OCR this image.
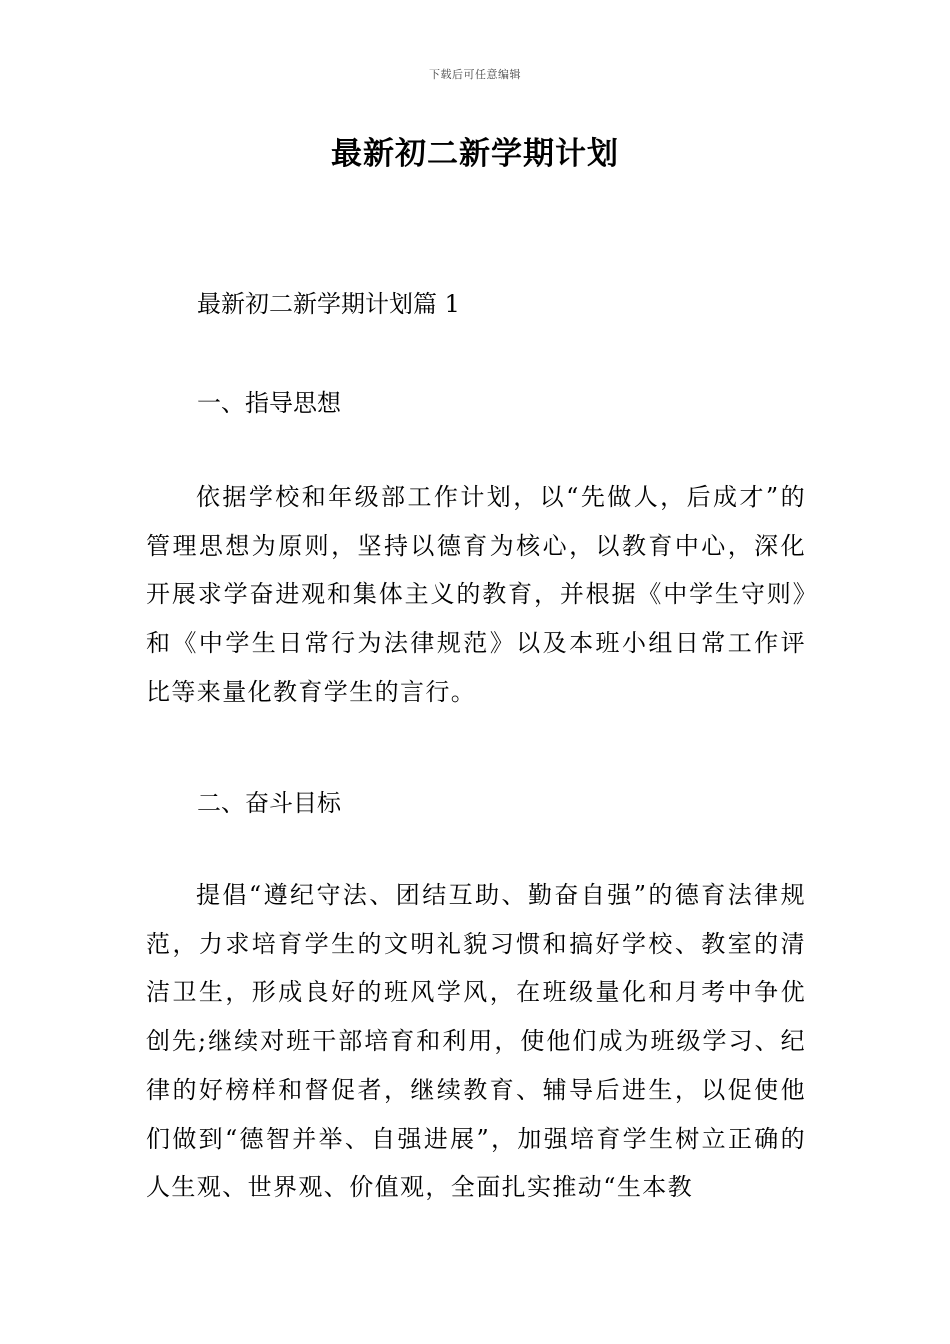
下载后可任意编辑
最新初二新学期计划
最新初二新学期计划篇 1
一、指导思想
依据学校和年级部工作计划，以“先做人，后成才”的管理思想为原则，坚持以德育为核心，以教育中心，深化开展求学奋进观和集体主义的教育，并根据《中学生守则》和《中学生日常行为法律规范》以及本班小组日常工作评比等来量化教育学生的言行。
二、奋斗目标
提倡“遵纪守法、团结互助、勤奋自强”的德育法律规范，力求培育学生的文明礼貌习惯和搞好学校、教室的清洁卫生，形成良好的班风学风，在班级量化和月考中争优创先;继续对班干部培育和利用，使他们成为班级学习、纪律的好榜样和督促者，继续教育、辅导后进生，以促使他们做到“德智并举、自强进展”，加强培育学生树立正确的人生观、世界观、价值观，全面扎实推动“生本教
